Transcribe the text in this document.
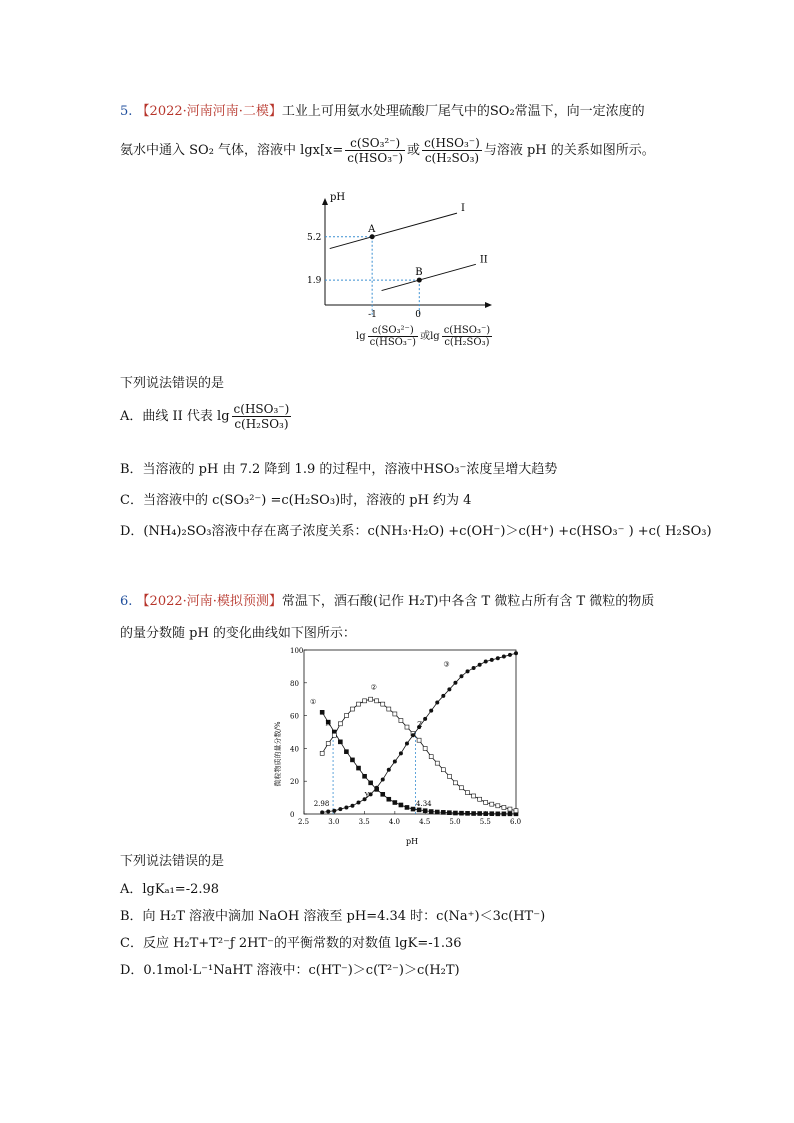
5. 【2022·河南河南·二模】工业上可用氨水处理硫酸厂尾气中的SO₂常温下，向一定浓度的
氨水中通入 SO₂ 气体，溶液中 $\lg x[x= \frac{\text{c(SO₃²⁻)}}{\text{c(HSO₃⁻)}}$ 或 $\frac{\text{c(HSO₃⁻)}}{\text{c(H₂SO₃)}}$ 与溶液 pH 的关系如图所示。
I
II
A
B
-1	0
5.2
1.9
pH
$\lg \frac{\text{c(SO₃²⁻)}}{\text{c(HSO₃⁻)}}$ 或$\lg \frac{\text{c(HSO₃⁻)}}{\text{c(H₂SO₃)}}$
下列说法错误的是
A．曲线 II 代表 $\lg \frac{\text{c(HSO₃⁻)}}{\text{c(H₂SO₃)}}$
B．当溶液的 pH 由 7.2 降到 1.9 的过程中，溶液中HSO₃⁻浓度呈增大趋势
C．当溶液中的 c(SO₃²⁻) =c(H₂SO₃)时，溶液的 pH 约为 4
D．(NH₄)₂SO₃溶液中存在离子浓度关系：c(NH₃·H₂O) +c(OH⁻)＞c(H⁺) +c(HSO₃⁻ ) +c( H₂SO₃)
6. 【2022·河南·模拟预测】常温下，酒石酸(记作 H₂T)中各含 T 微粒占所有含 T 微粒的物质
的量分数随 pH 的变化曲线如下图所示：
2.5	3.0	3.5	4.0	4.5	5.0	5.5	6.0
0
20
40
60
80
100
X
Y
Z
2.98	4.34
①
②
③
pH
微粒物质的量分数/%
下列说法错误的是
A．lgKₐ₁=-2.98
B．向 H₂T 溶液中滴加 NaOH 溶液至 pH=4.34 时：c(Na⁺)＜3c(HT⁻)
C．反应 H₂T+T²⁻ƒ 2HT⁻的平衡常数的对数值 lgK=-1.36
D．0.1mol·L⁻¹NaHT 溶液中：c(HT⁻)＞c(T²⁻)＞c(H₂T)
